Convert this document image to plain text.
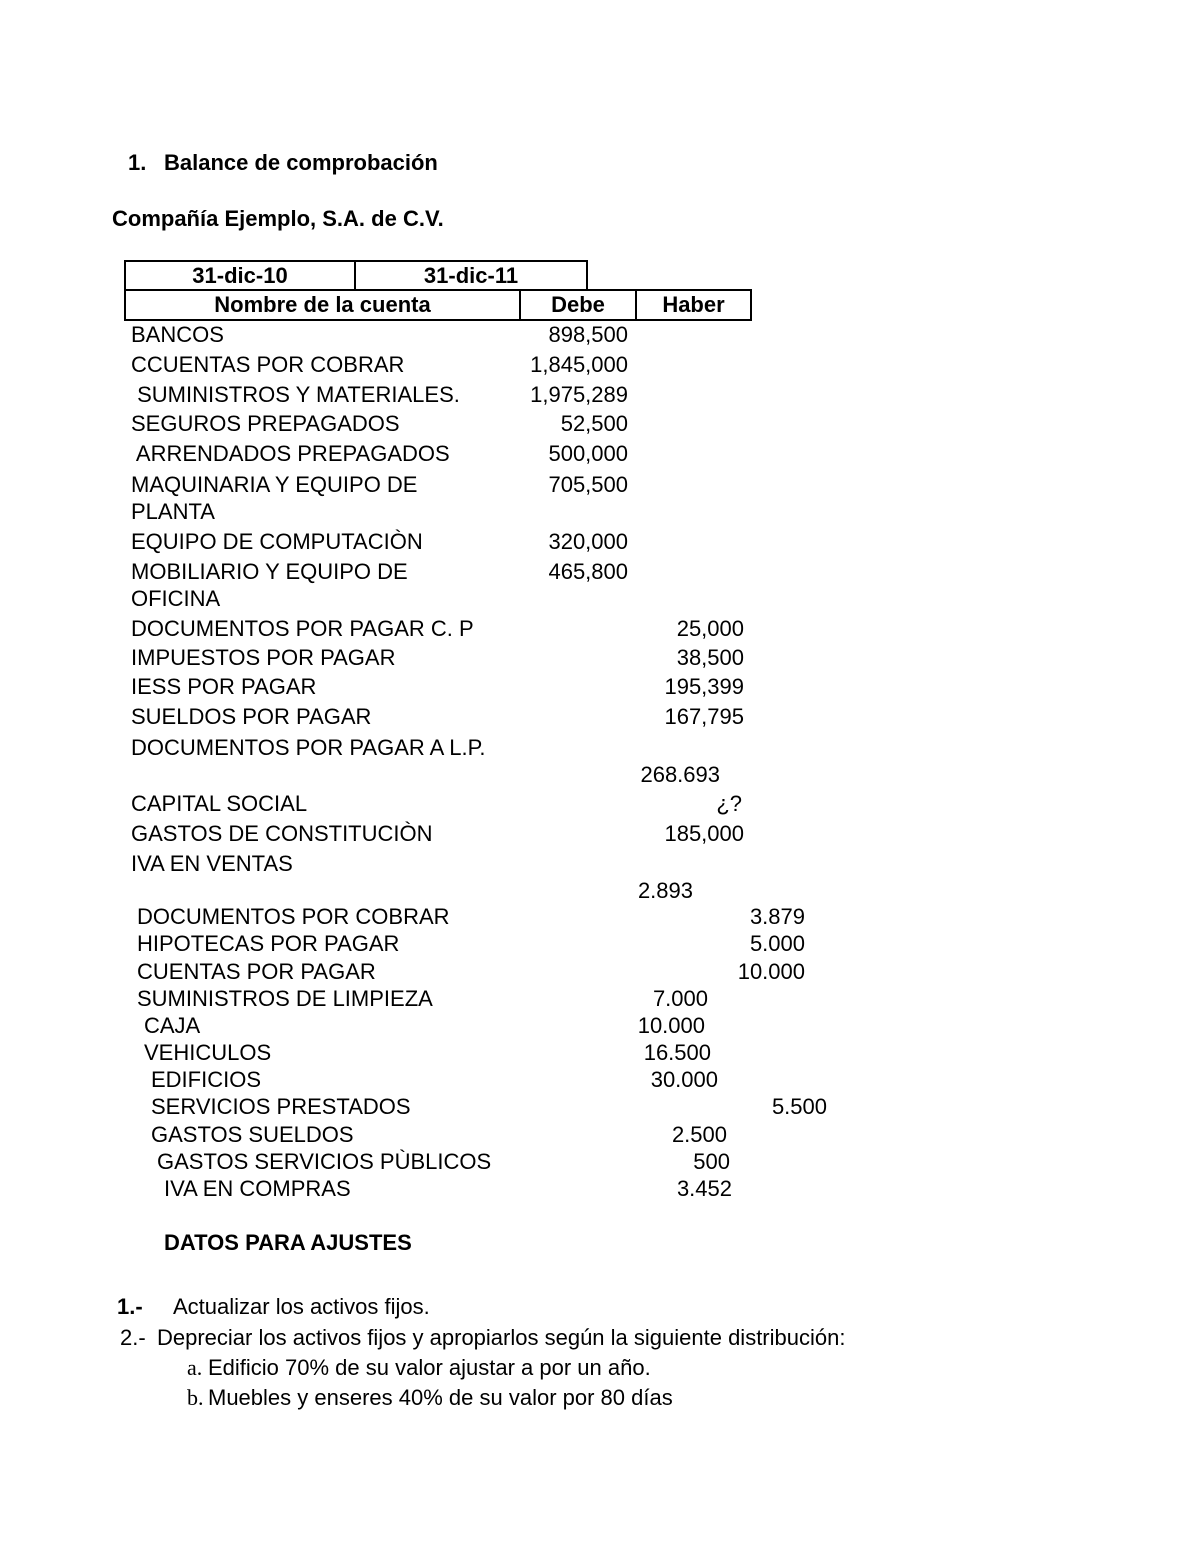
1. Balance de comprobación
Compañía Ejemplo, S.A. de C.V.
31-dic-10	31-dic-11
Nombre de la cuenta	Debe	Haber
BANCOS	898,500
CCUENTAS POR COBRAR	1,845,000
SUMINISTROS Y MATERIALES.	1,975,289
SEGUROS PREPAGADOS	52,500
ARRENDADOS PREPAGADOS	500,000
MAQUINARIA Y EQUIPO DE
PLANTA
705,500
EQUIPO DE COMPUTACIÒN	320,000
MOBILIARIO Y EQUIPO DE
OFICINA
465,800
DOCUMENTOS POR PAGAR C. P	25,000
IMPUESTOS POR PAGAR	38,500
IESS POR PAGAR	195,399
SUELDOS POR PAGAR	167,795
DOCUMENTOS POR PAGAR A L.P.
268.693
CAPITAL SOCIAL	¿?
GASTOS DE CONSTITUCIÒN	185,000
IVA EN VENTAS
2.893
DOCUMENTOS POR COBRAR	3.879
HIPOTECAS POR PAGAR	5.000
CUENTAS POR PAGAR	10.000
SUMINISTROS DE LIMPIEZA	7.000
CAJA	10.000
VEHICULOS	16.500
EDIFICIOS	30.000
SERVICIOS PRESTADOS	5.500
GASTOS SUELDOS	2.500
GASTOS SERVICIOS PÙBLICOS	500
IVA EN COMPRAS	3.452
DATOS PARA AJUSTES
1.- Actualizar los activos fijos.
2.- Depreciar los activos fijos y apropiarlos según la siguiente distribución:
a. Edificio 70% de su valor ajustar a por un año.
b. Muebles y enseres 40% de su valor por 80 días
